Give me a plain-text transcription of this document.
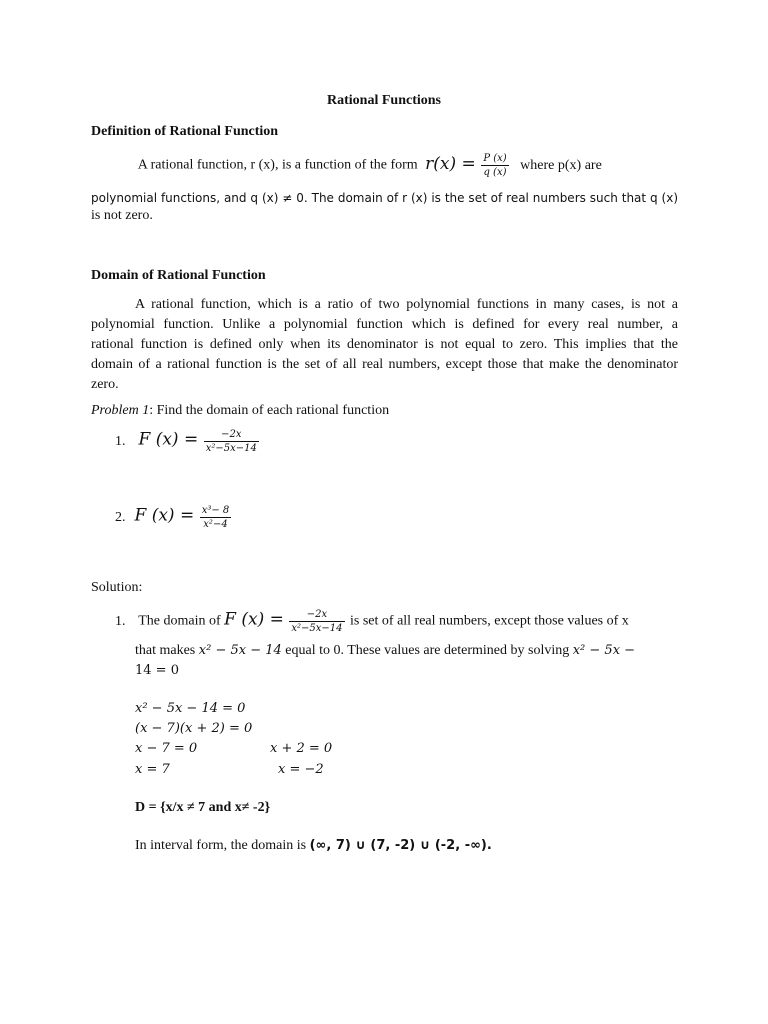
Rational Functions
Definition of Rational Function
A rational function, r (x), is a function of the form $r(x) = \frac{P (x)}{q (x)}$ where p(x) are
polynomial functions, and q (x) ≠ 0. The domain of r (x) is the set of real numbers such that q (x)
is not zero.
Domain of Rational Function
A rational function, which is a ratio of two polynomial functions in many cases, is not a
polynomial function. Unlike a polynomial function which is defined for every real number, a
rational function is defined only when its denominator is not equal to zero. This implies that the
domain of a rational function is the set of all real numbers, except those that make the denominator
zero.
Problem 1: Find the domain of each rational function
1. F $(x) = \frac{-2x}{\text{x²−5x−14}}$
2. F $(x) = \frac{\text{x³− 8}}{\text{x²−4}}$
Solution:
1. The domain of F $(x) = \frac{-2x}{\text{x²−5x−14}}$ is set of all real numbers, except those values of x
that makes x² − 5x − 14 equal to 0. These values are determined by solving x² − 5x −
14 = 0
x² − 5x − 14 = 0
(x − 7)(x + 2) = 0
x − 7 = 0
x = 7
x + 2 = 0
x = −2
D = {x/x ≠ 7 and x≠ -2}
In interval form, the domain is (∞, 7) ∪ (7, -2) ∪ (-2, -∞).
